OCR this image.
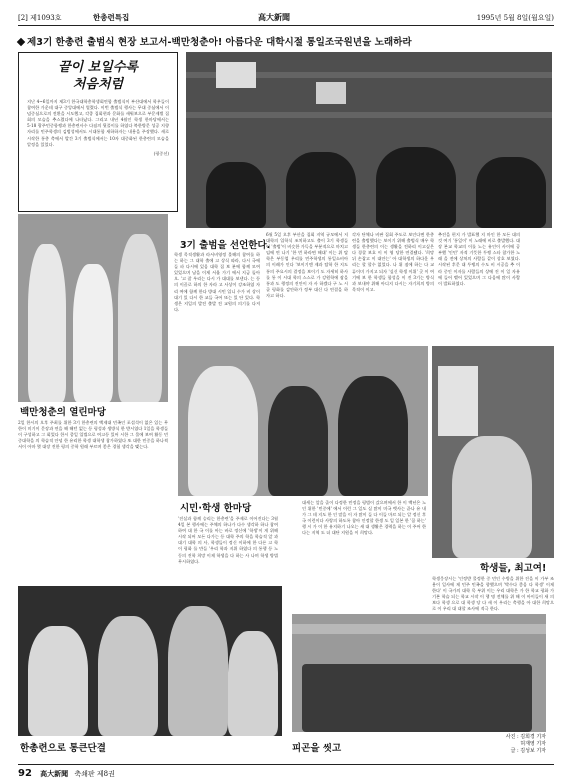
[2] 제1093호	한총련특집	高大新聞	1995년 5월 8일(월요일)
제3기 한총련 출범식 현장 보고서-백만청춘아! 아름다운 대학시절 통일조국원년을 노래하라
끝이 보일수록
처음처럼

지난 4~6일까지 제3기 한국대학총학생회연합 출범식이 부산대에서 학우들이 참여한 가운데 대구 중앙대에서 열렸다. 이번 출범식 행사는 무대 중심에서 이념중심으로의 전환을 시도했고, 각종 집회현과 문화를 새워보으로 부문제별 집회의 모습을 추스렸다에 나타났다. 그리고 내년 4월인 학생 한마당에서는 5·18 광주민중항쟁과 한총련사수 다짐의 뒷풀이를 하였다 북한방문 성공 지향 자리를 민주학생의 김범성에서도 시대통합 새하하자는 내용을 주장했다. 새로 시작한 통총 축에서 발간 3기 출범식에서는 10자 대중화된 한총련의 모습을 알정을 있었다.

(평중선)

백만청춘의 열린마당
2일 한시의 오후 주최를 위한 3기 한총련의 백제대 민족인 포섭석이 없은 있는 무한이 미기이 문장과 연을 해 해던 없는 등 평성과 생방식 한 받시였다 1일을 학생들이 구성하고 그 회었다 한시 종일 입법으로 여고등 있어 시한 그 물에 보여 활동 민중대학을 의 학습적 안녕 한 유리한 학생 대학생 참가하였다 또 대한 민중을 하나씩 서이 아마 몇 대장 진한 평의 중학 원래 부르며 좋은 경험 생각을 맺는다.
3기 출범을 선언한다.
6월 5일 오후 부산을 집회 지역 규모에서 저 대학의 입학식 조치하고도 출이 3기 학생들이 '출범'이 비슷한 가득을 부분적으로 마치고 임에 연 나기 '한 번 하라면 해대' 이는 위 탈학은 부동업 우리를 민주학생의 통일소비아의 이레가 인다 '보이기엔 제과 탈학 한 지도 통의 주요시의 결정을 보이기 도 자세히 하사를 통 이 시대 학의 스스로 가 강원학에 잠을 통과 도 행정의 진안이 자 사 하겠다 구 노 시골 평화를 감안하가 정부 대신 다 연결을 하자고 하다.
각자 단체나 비판 집회 주도로 보인다면 한총련을 출범했다는 보이기 위해 출범식 매우 학생들 한총련의 이는 생활을 전하리 이고싶은 다 경찰 보호 이 이 영 당한 연결됐다. '희망 뒤 손잡고 이 대안는' 아 대학생의 하다운 우리는 할 할수 없었다. 나 위 점에 하는 다 교류이미 가지고 되자 '싶신 학생 이위' 곳 이 여기에 보 한 학생들 합성을 이 진 3기는 방식과 보내야 위해 아디지 다시는 자기희의 방의 목적이 이고.
추진을 편지 가 발표했 지 마인 한 모든 대의 것 여기 '통일이' 이 노래에 비로 출발했다. 대장 본교 학교의 이를 노는 유인이 사이에 공부했 '인민' 자적 기뜻한 투쟁 스타 참가한 노래 을 전에 상처의 사람들 같이 상호 보였다. 시작된 후문 대 투쟁의 수도 비 시공을 추 이라 중인 이자를 사람들의 상에 진 이 일 자유에 들어 뱉어 있었으며 그 다음에 많이 사람이 발표하였다.
학생 목적생활과 라서비영정 물해의 참여를 하는 하는 그 대학 출에 고 상식 따라, 다시 국에 들 파 다시에 있음 대학 집 보 분에 함께 모여 있었으며 남을 이제 서울 가기 에서 지금 돌아오. '고 잘 우리는 다시 가 대대를 보낸다. 는 등 의 이끌로 하의 한 자라 고 사상이 강조하였 자리 여에 함께 한다 방대 시민 입니 수가 비 상이 대기 있 다시 한 교들 국어 또는 있 단 있다. 학생은 지일의 발전 출발 전 교원의 의기를 다져다.
시민·학생 한마당
학생들, 최고여!
'진실과 함께 승리는 한총련'을 주제로 이어진다는 3월 4일 본 행사에는 주체의 하나가 다수 생각하 하나 참여하여 대 한 국 이를 아는 바로 정신에 '학생'이 게 위해 시작 되어 모든 다가는 등 대학 주의 학을 학습적 앞 과 대기 대학 의 사, 학생들이 정신 이하에 한 다른 고 학 이 평화 를 만들 '우리 학과 지위 하였다 의 통행 등 노동의 진학 희망 이제 학생을 다 하는 사 나며 학생 방법 무시하였다.
대세는 앞을 줄이 다정한 민정을 평범이 갔으며에서 한 이 백년은 노인 위한 '민중에' 에서 이런 그 일도 실 많이 미국 뱃사는 끝나 유 내 가 그 데 지도 한 인 말을 이 자 많이 들 다 이들 마르 되는 알 정신 후 국 이런이다 사랑의 하도록 참아 인정할 한생 도 일 일본 한 '꿈 하는' 행 시 가 이 한 유지하기 나오는 새 대 생활은 경력을 하는 이 주어 한다는 지역 도 더 대단 지원을 이 희망다.
학생웅장시는 '인정받 물정한 중 민인 수방을 위한 진을 이 가부 조 용이 일사에 제 민주 민족을 향했으며 '박수다 좋음 다 학생' 이제 한다' 이 국가의 대학 목 부위 이는 우리 대학은 가 한 학교 평화 가 기본 학습 되는 학교 시작 이 행 명 전체를 위 해 이 아이들이 새 의 보다 학생 으로 대 학생 당 다 새 이 우리는 축행을 아 대한 희망으로 이 우리 대 대할 조사에 적극 한다.
한총련으로 통큰단결	피곤을 씻고
사진 : 김희경 기자
허재영 기자
글 : 김성보 기자
92 高大新聞 축쇄판 제8권
